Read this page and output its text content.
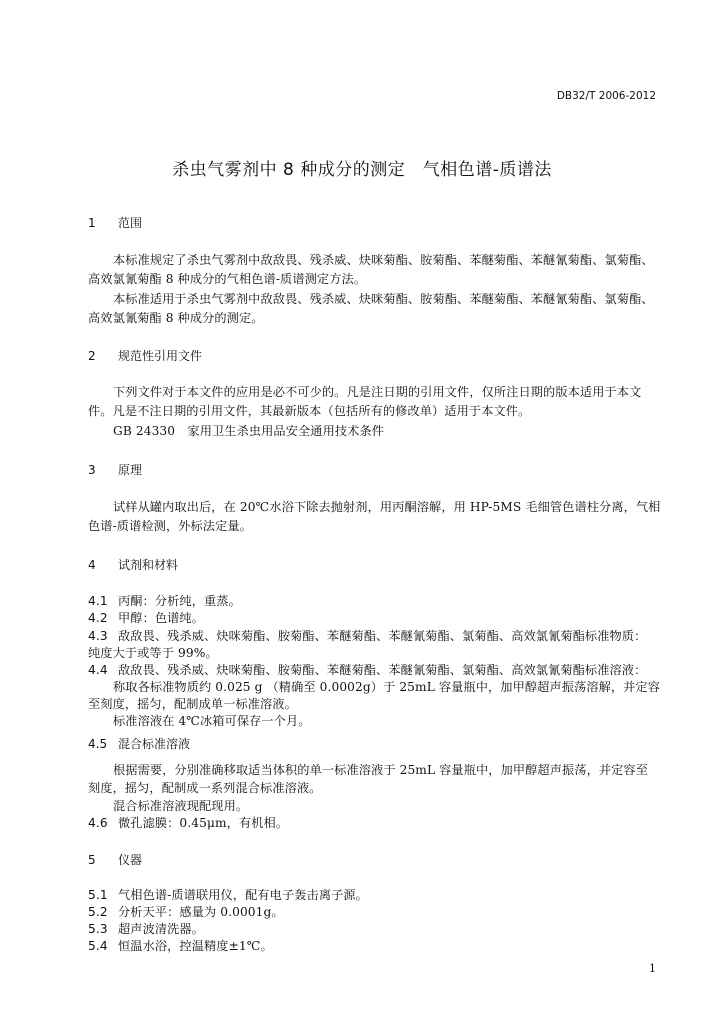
DB32/T 2006-2012
杀虫气雾剂中 8 种成分的测定　气相色谱-质谱法
1 范围
本标准规定了杀虫气雾剂中敌敌畏、残杀威、炔咪菊酯、胺菊酯、苯醚菊酯、苯醚氰菊酯、氯菊酯、
高效氯氰菊酯 8 种成分的气相色谱-质谱测定方法。
本标准适用于杀虫气雾剂中敌敌畏、残杀威、炔咪菊酯、胺菊酯、苯醚菊酯、苯醚氰菊酯、氯菊酯、
高效氯氰菊酯 8 种成分的测定。
2 规范性引用文件
下列文件对于本文件的应用是必不可少的。凡是注日期的引用文件，仅所注日期的版本适用于本文
件。凡是不注日期的引用文件，其最新版本（包括所有的修改单）适用于本文件。
GB 24330　家用卫生杀虫用品安全通用技术条件
3 原理
试样从罐内取出后，在 20℃水浴下除去抛射剂，用丙酮溶解，用 HP-5MS 毛细管色谱柱分离，气相
色谱-质谱检测，外标法定量。
4 试剂和材料
4.1 丙酮：分析纯，重蒸。
4.2 甲醇：色谱纯。
4.3 敌敌畏、残杀威、炔咪菊酯、胺菊酯、苯醚菊酯、苯醚氰菊酯、氯菊酯、高效氯氰菊酯标准物质：
纯度大于或等于 99%。
4.4 敌敌畏、残杀威、炔咪菊酯、胺菊酯、苯醚菊酯、苯醚氰菊酯、氯菊酯、高效氯氰菊酯标准溶液：
称取各标准物质约 0.025 g （精确至 0.0002g）于 25mL 容量瓶中，加甲醇超声振荡溶解，并定容
至刻度，摇匀，配制成单一标准溶液。
标准溶液在 4℃冰箱可保存一个月。
4.5 混合标准溶液
根据需要，分别准确移取适当体积的单一标准溶液于 25mL 容量瓶中，加甲醇超声振荡，并定容至
刻度，摇匀，配制成一系列混合标准溶液。
混合标准溶液现配现用。
4.6 微孔滤膜：0.45μm，有机相。
5 仪器
5.1 气相色谱-质谱联用仪，配有电子轰击离子源。
5.2 分析天平：感量为 0.0001g。
5.3 超声波清洗器。
5.4 恒温水浴，控温精度±1℃。
1
